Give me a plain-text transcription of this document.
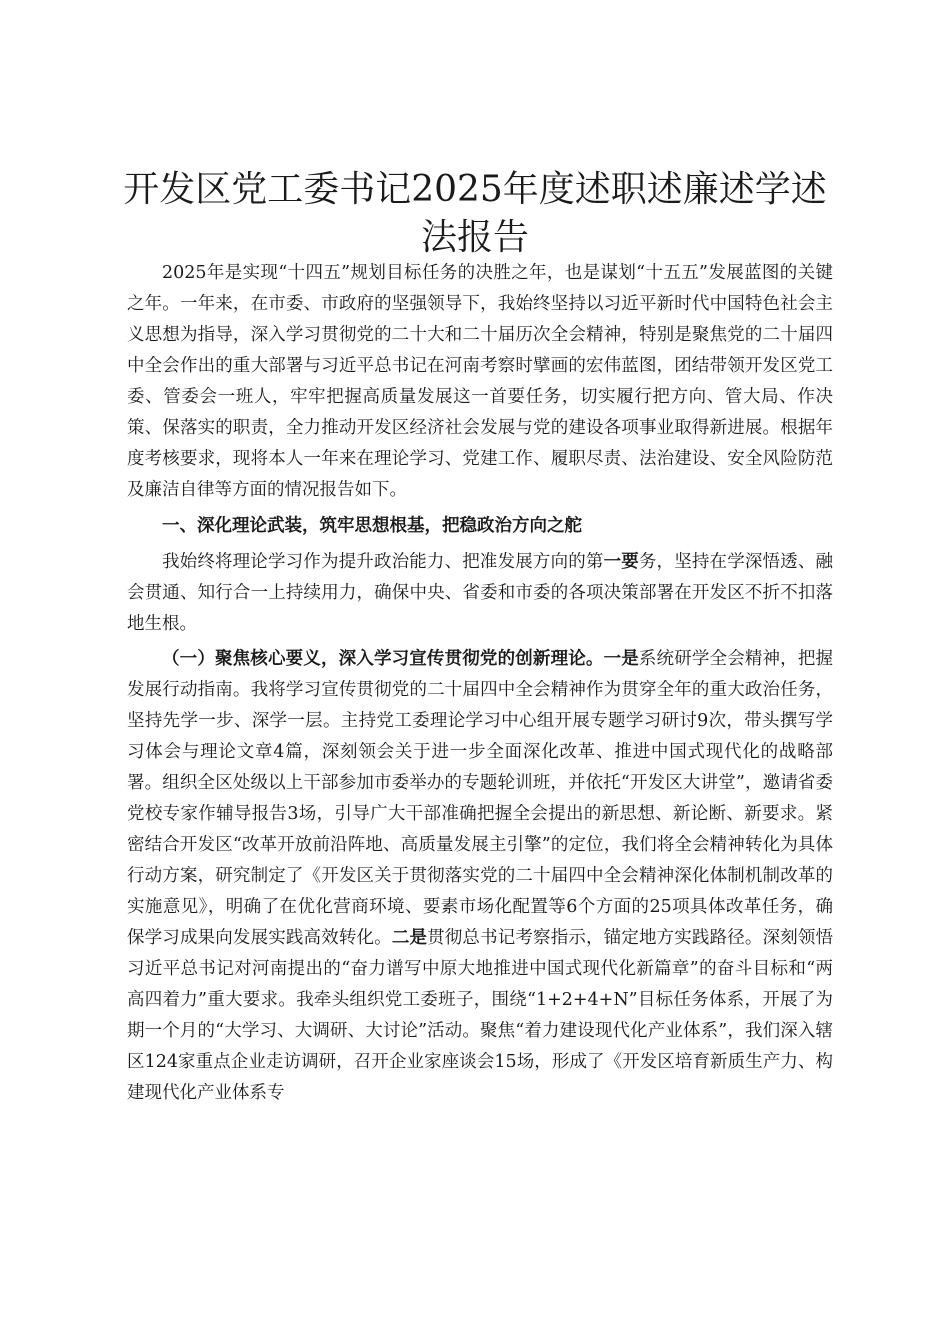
开发区党工委书记2025年度述职述廉述学述法报告

2025年是实现“十四五”规划目标任务的决胜之年，也是谋划“十五五”发展蓝图的关键之年。一年来，在市委、市政府的坚强领导下，我始终坚持以习近平新时代中国特色社会主义思想为指导，深入学习贯彻党的二十大和二十届历次全会精神，特别是聚焦党的二十届四中全会作出的重大部署与习近平总书记在河南考察时擘画的宏伟蓝图，团结带领开发区党工委、管委会一班人，牢牢把握高质量发展这一首要任务，切实履行把方向、管大局、作决策、保落实的职责，全力推动开发区经济社会发展与党的建设各项事业取得新进展。根据年度考核要求，现将本人一年来在理论学习、党建工作、履职尽责、法治建设、安全风险防范及廉洁自律等方面的情况报告如下。

一、深化理论武装，筑牢思想根基，把稳政治方向之舵

我始终将理论学习作为提升政治能力、把准发展方向的第一要务，坚持在学深悟透、融会贯通、知行合一上持续用力，确保中央、省委和市委的各项决策部署在开发区不折不扣落地生根。

（一）聚焦核心要义，深入学习宣传贯彻党的创新理论。一是系统研学全会精神，把握发展行动指南。我将学习宣传贯彻党的二十届四中全会精神作为贯穿全年的重大政治任务，坚持先学一步、深学一层。主持党工委理论学习中心组开展专题学习研讨9次，带头撰写学习体会与理论文章4篇，深刻领会关于进一步全面深化改革、推进中国式现代化的战略部署。组织全区处级以上干部参加市委举办的专题轮训班，并依托“开发区大讲堂”，邀请省委党校专家作辅导报告3场，引导广大干部准确把握全会提出的新思想、新论断、新要求。紧密结合开发区“改革开放前沿阵地、高质量发展主引擎”的定位，我们将全会精神转化为具体行动方案，研究制定了《开发区关于贯彻落实党的二十届四中全会精神深化体制机制改革的实施意见》，明确了在优化营商环境、要素市场化配置等6个方面的25项具体改革任务，确保学习成果向发展实践高效转化。二是贯彻总书记考察指示，锚定地方实践路径。深刻领悟习近平总书记对河南提出的“奋力谱写中原大地推进中国式现代化新篇章”的奋斗目标和“两高四着力”重大要求。我牵头组织党工委班子，围绕“1+2+4+N”目标任务体系，开展了为期一个月的“大学习、大调研、大讨论”活动。聚焦“着力建设现代化产业体系”，我们深入辖区124家重点企业走访调研，召开企业家座谈会15场，形成了《开发区培育新质生产力、构建现代化产业体系专
